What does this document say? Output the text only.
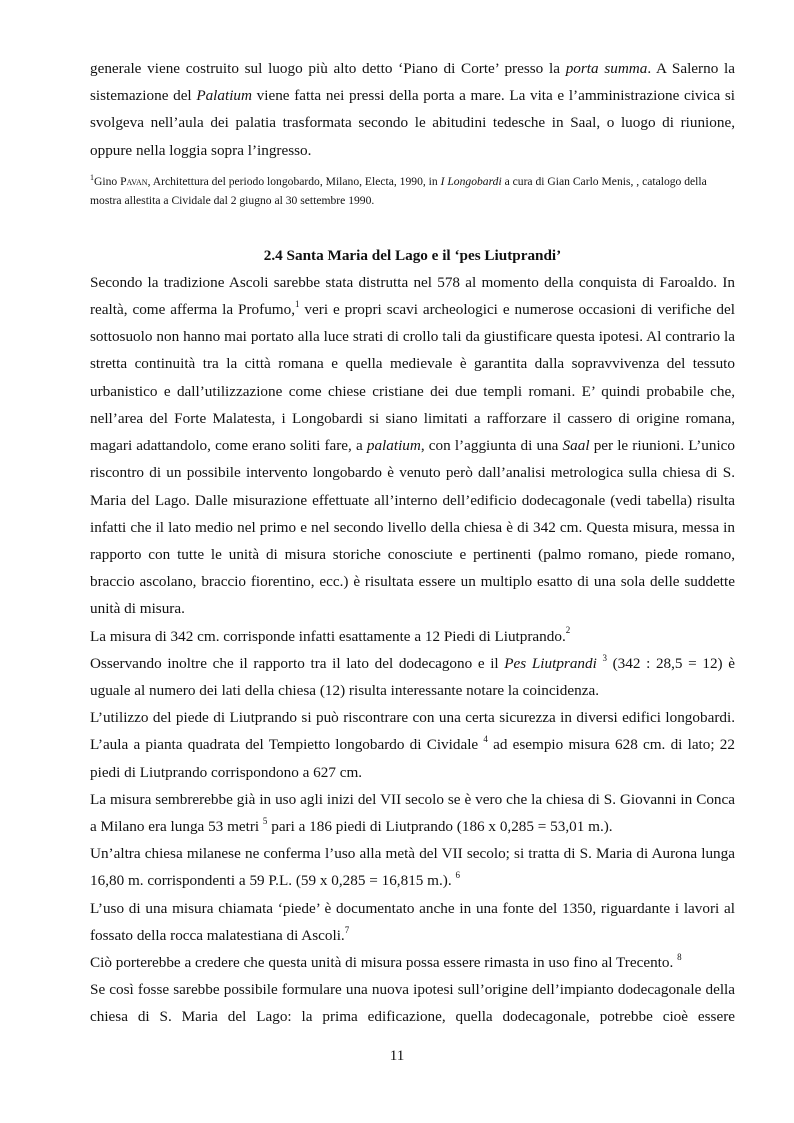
generale viene costruito sul luogo più alto detto ‘Piano di Corte’ presso la porta summa. A Salerno la sistemazione del Palatium viene fatta nei pressi della porta a mare. La vita e l’amministrazione civica si svolgeva nell’aula dei palatia trasformata secondo le abitudini tedesche in Saal, o luogo di riunione, oppure nella loggia sopra l’ingresso.

$^1$Gino Pavan, Architettura del periodo longobardo, Milano, Electa, 1990, in I Longobardi a cura di Gian Carlo Menis, , catalogo della mostra allestita a Cividale dal 2 giugno al 30 settembre 1990.

2.4 Santa Maria del Lago e il ‘pes Liutprandi’

Secondo la tradizione Ascoli sarebbe stata distrutta nel 578 al momento della conquista di Faroaldo. In realtà, come afferma la Profumo,$^1$ veri e propri scavi archeologici e numerose occasioni di verifiche del sottosuolo non hanno mai portato alla luce strati di crollo tali da giustificare questa ipotesi. Al contrario la stretta continuità tra la città romana e quella medievale è garantita dalla sopravvivenza del tessuto urbanistico e dall’utilizzazione come chiese cristiane dei due templi romani. E’ quindi probabile che, nell’area del Forte Malatesta, i Longobardi si siano limitati a rafforzare il cassero di origine romana, magari adattandolo, come erano soliti fare, a palatium, con l’aggiunta di una Saal per le riunioni. L’unico riscontro di un possibile intervento longobardo è venuto però dall’analisi metrologica sulla chiesa di S. Maria del Lago. Dalle misurazione effettuate all’interno dell’edificio dodecagonale (vedi tabella) risulta infatti che il lato medio nel primo e nel secondo livello della chiesa è di 342 cm. Questa misura, messa in rapporto con tutte le unità di misura storiche conosciute e pertinenti (palmo romano, piede romano, braccio ascolano, braccio fiorentino, ecc.) è risultata essere un multiplo esatto di una sola delle suddette unità di misura.

La misura di 342 cm. corrisponde infatti esattamente a 12 Piedi di Liutprando.$^2$

Osservando inoltre che il rapporto tra il lato del dodecagono e il Pes Liutprandi $^3$ (342 : 28,5 = 12) è uguale al numero dei lati della chiesa (12) risulta interessante notare la coincidenza.

L’utilizzo del piede di Liutprando si può riscontrare con una certa sicurezza in diversi edifici longobardi. L’aula a pianta quadrata del Tempietto longobardo di Cividale $^4$ ad esempio misura 628 cm. di lato; 22 piedi di Liutprando corrispondono a 627 cm.

La misura sembrerebbe già in uso agli inizi del VII secolo se è vero che la chiesa di S. Giovanni in Conca a Milano era lunga 53 metri $^5$ pari a 186 piedi di Liutprando (186 x 0,285 = 53,01 m.).

Un’altra chiesa milanese ne conferma l’uso alla metà del VII secolo; si tratta di S. Maria di Aurona lunga 16,80 m. corrispondenti a 59 P.L. (59 x 0,285 = 16,815 m.). $^6$

L’uso di una misura chiamata ‘piede’ è documentato anche in una fonte del 1350, riguardante i lavori al fossato della rocca malatestiana di Ascoli.$^7$

Ciò porterebbe a credere che questa unità di misura possa essere rimasta in uso fino al Trecento. $^8$

Se così fosse sarebbe possibile formulare una nuova ipotesi sull’origine dell’impianto dodecagonale della chiesa di S. Maria del Lago: la prima edificazione, quella dodecagonale, potrebbe cioè essere

11
